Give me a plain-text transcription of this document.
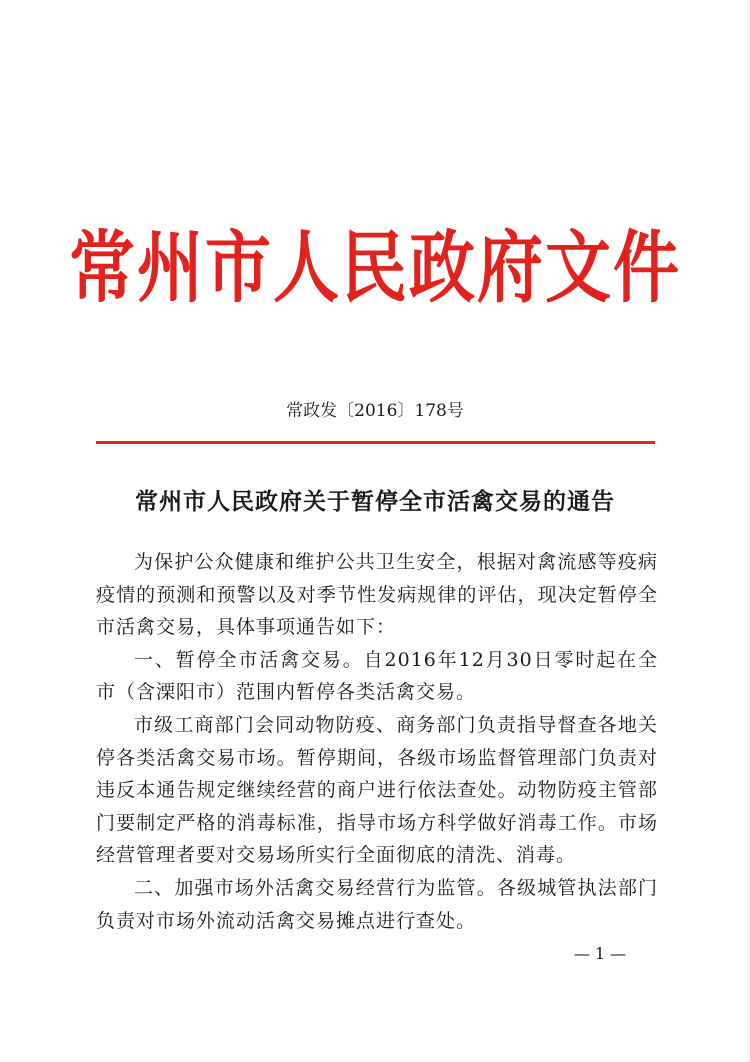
常州市人民政府文件
常政发〔2016〕178号
常州市人民政府关于暂停全市活禽交易的通告

为保护公众健康和维护公共卫生安全，根据对禽流感等疫病疫情的预测和预警以及对季节性发病规律的评估，现决定暂停全市活禽交易，具体事项通告如下：

一、暂停全市活禽交易。自2016年12月30日零时起在全市（含溧阳市）范围内暂停各类活禽交易。

市级工商部门会同动物防疫、商务部门负责指导督查各地关停各类活禽交易市场。暂停期间，各级市场监督管理部门负责对违反本通告规定继续经营的商户进行依法查处。动物防疫主管部门要制定严格的消毒标准，指导市场方科学做好消毒工作。市场经营管理者要对交易场所实行全面彻底的清洗、消毒。

二、加强市场外活禽交易经营行为监管。各级城管执法部门负责对市场外流动活禽交易摊点进行查处。

— 1 —
